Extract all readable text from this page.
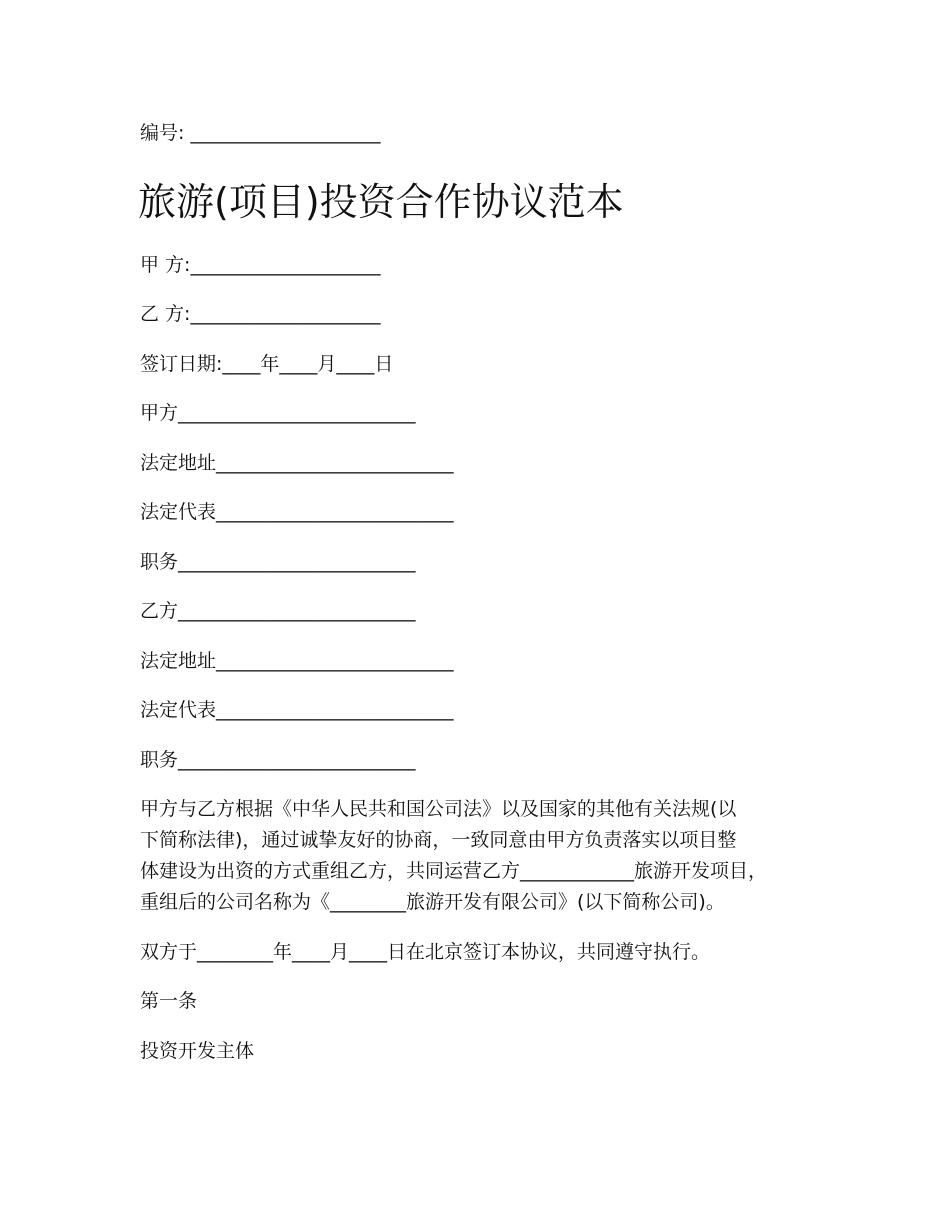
编号: ____________________
旅游(项目)投资合作协议范本
甲 方:____________________
乙 方:____________________
签订日期:____年____月____日
甲方_________________________
法定地址_________________________
法定代表_________________________
职务_________________________
乙方_________________________
法定地址_________________________
法定代表_________________________
职务_________________________
甲方与乙方根据《中华人民共和国公司法》以及国家的其他有关法规(以
下简称法律)，通过诚挚友好的协商，一致同意由甲方负责落实以项目整
体建设为出资的方式重组乙方，共同运营乙方____________旅游开发项目，
重组后的公司名称为《________旅游开发有限公司》(以下简称公司)。
双方于________年____月____日在北京签订本协议，共同遵守执行。
第一条
投资开发主体
